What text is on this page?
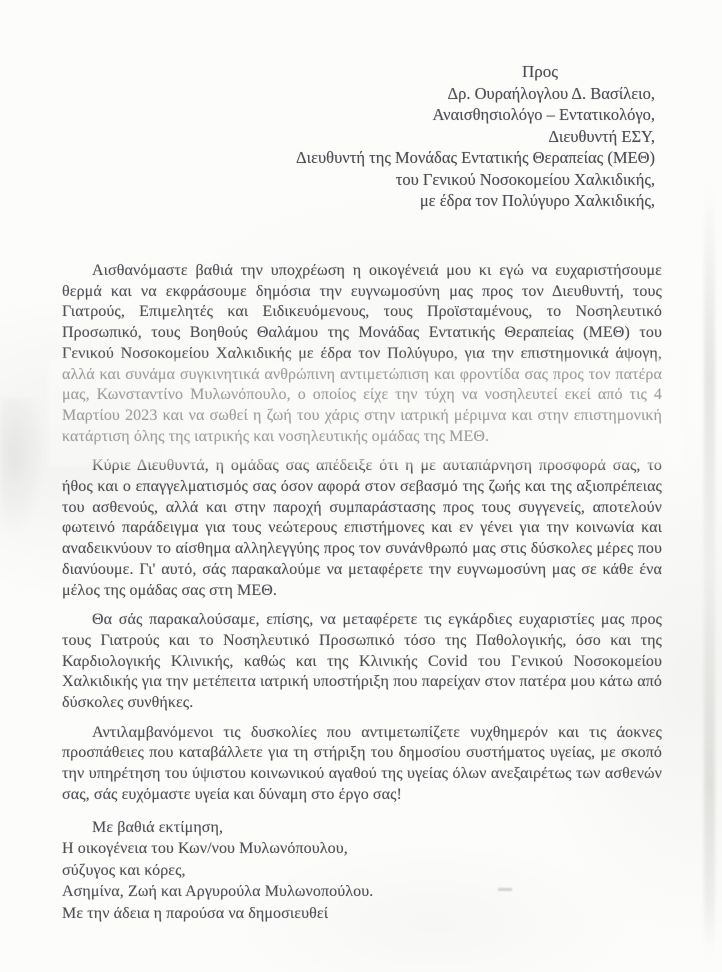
Προς
Δρ. Ουραήλογλου Δ. Βασίλειο,
Αναισθησιολόγο – Εντατικολόγο,
Διευθυντή ΕΣΥ,
Διευθυντή της Μονάδας Εντατικής Θεραπείας (ΜΕΘ)
του Γενικού Νοσοκομείου Χαλκιδικής,
με έδρα τον Πολύγυρο Χαλκιδικής,

Αισθανόμαστε βαθιά την υποχρέωση η οικογένειά μου κι εγώ να ευχαριστήσουμε θερμά και να εκφράσουμε δημόσια την ευγνωμοσύνη μας προς τον Διευθυντή, τους Γιατρούς, Επιμελητές και Ειδικευόμενους, τους Προϊσταμένους, το Νοσηλευτικό Προσωπικό, τους Βοηθούς Θαλάμου της Μονάδας Εντατικής Θεραπείας (ΜΕΘ) του Γενικού Νοσοκομείου Χαλκιδικής με έδρα τον Πολύγυρο, για την επιστημονικά άψογη, αλλά και συνάμα συγκινητικά ανθρώπινη αντιμετώπιση και φροντίδα σας προς τον πατέρα μας, Κωνσταντίνο Μυλωνόπουλο, ο οποίος είχε την τύχη να νοσηλευτεί εκεί από τις 4 Μαρτίου 2023 και να σωθεί η ζωή του χάρις στην ιατρική μέριμνα και στην επιστημονική κατάρτιση όλης της ιατρικής και νοσηλευτικής ομάδας της ΜΕΘ.

Κύριε Διευθυντά, η ομάδας σας απέδειξε ότι η με αυταπάρνηση προσφορά σας, το ήθος και ο επαγγελματισμός σας όσον αφορά στον σεβασμό της ζωής και της αξιοπρέπειας του ασθενούς, αλλά και στην παροχή συμπαράστασης προς τους συγγενείς, αποτελούν φωτεινό παράδειγμα για τους νεώτερους επιστήμονες και εν γένει για την κοινωνία και αναδεικνύουν το αίσθημα αλληλεγγύης προς τον συνάνθρωπό μας στις δύσκολες μέρες που διανύουμε. Γι' αυτό, σάς παρακαλούμε να μεταφέρετε την ευγνωμοσύνη μας σε κάθε ένα μέλος της ομάδας σας στη ΜΕΘ.

Θα σάς παρακαλούσαμε, επίσης, να μεταφέρετε τις εγκάρδιες ευχαριστίες μας προς τους Γιατρούς και το Νοσηλευτικό Προσωπικό τόσο της Παθολογικής, όσο και της Καρδιολογικής Κλινικής, καθώς και της Κλινικής Covid του Γενικού Νοσοκομείου Χαλκιδικής για την μετέπειτα ιατρική υποστήριξη που παρείχαν στον πατέρα μου κάτω από δύσκολες συνθήκες.

Αντιλαμβανόμενοι τις δυσκολίες που αντιμετωπίζετε νυχθημερόν και τις άοκνες προσπάθειες που καταβάλλετε για τη στήριξη του δημοσίου συστήματος υγείας, με σκοπό την υπηρέτηση του ύψιστου κοινωνικού αγαθού της υγείας όλων ανεξαιρέτως των ασθενών σας, σάς ευχόμαστε υγεία και δύναμη στο έργο σας!

Με βαθιά εκτίμηση,
Η οικογένεια του Κων/νου Μυλωνόπουλου,
σύζυγος και κόρες,
Ασημίνα, Ζωή και Αργυρούλα Μυλωνοπούλου.
Με την άδεια η παρούσα να δημοσιευθεί
